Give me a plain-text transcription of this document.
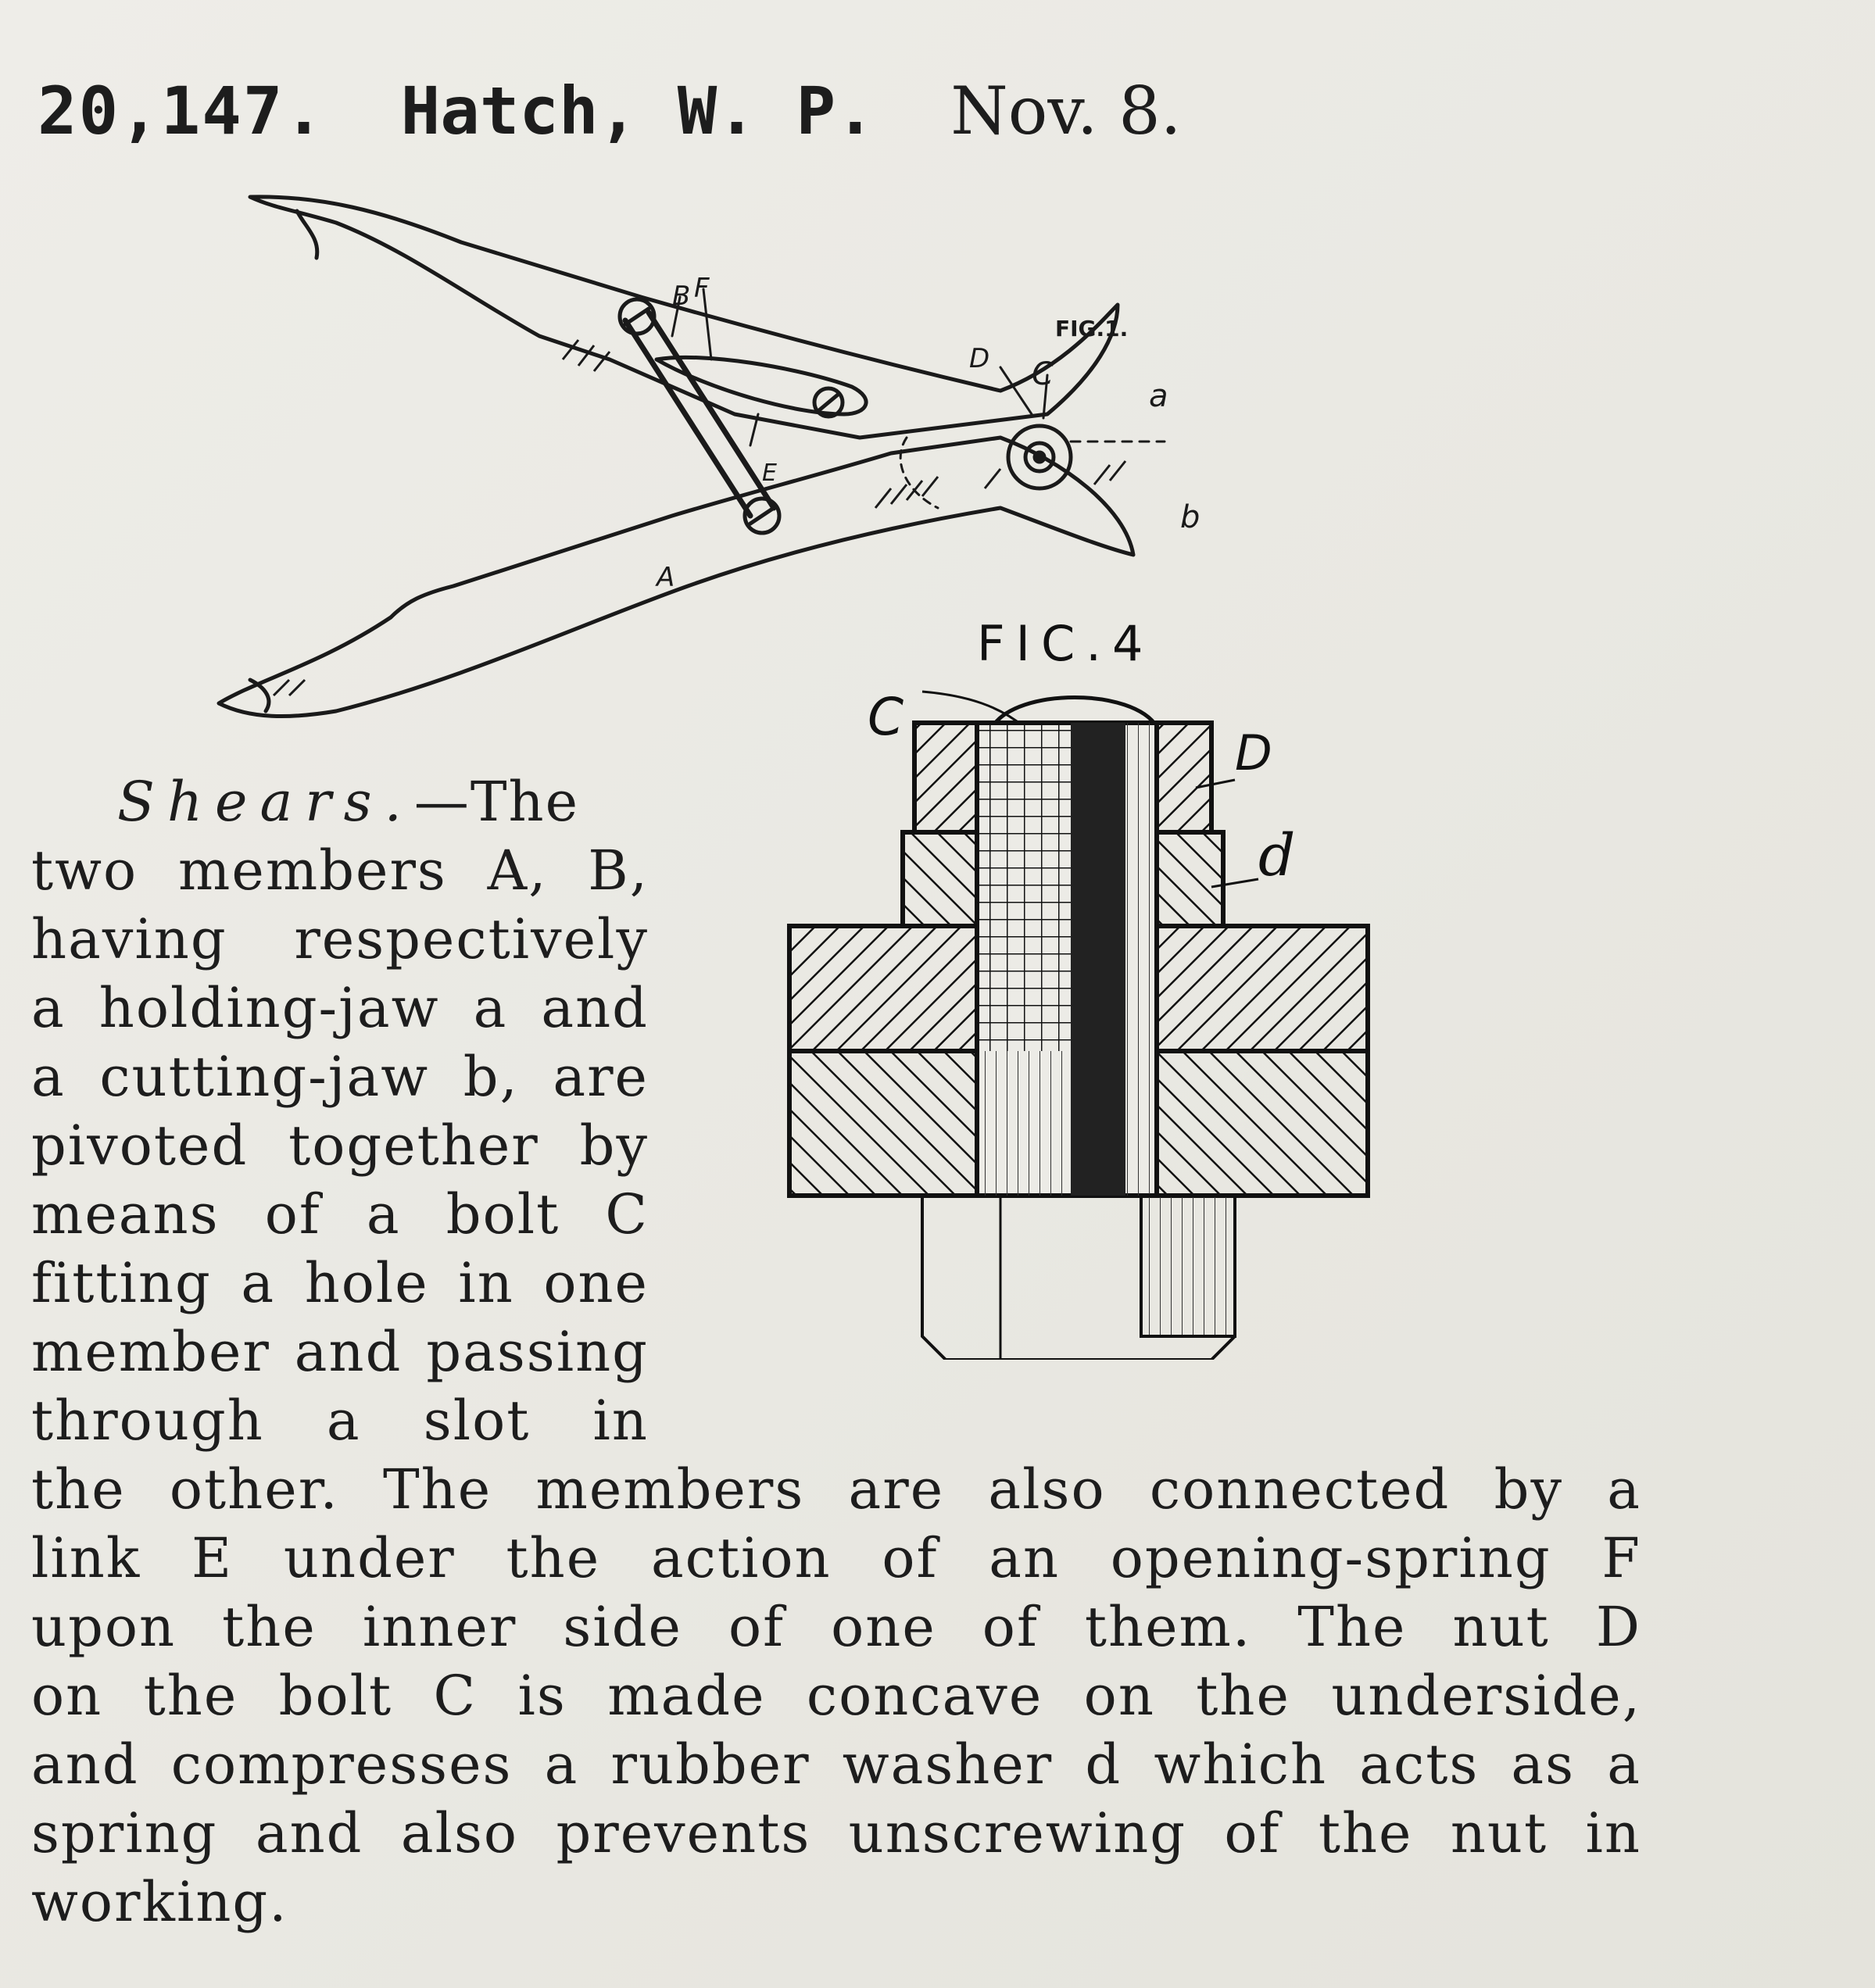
20,147. Hatch, W. P. Nov. 8.
B F
FIG.1.
D C
a
b
E
A
FIC.4
C
D
d
Shears.—The
two members A, B,
having respectively
a holding-jaw a and
a cutting-jaw b, are
pivoted together by
means of a bolt C
fitting a hole in one
member and passing
through a slot in
the other. The members are also connected by a
link E under the action of an opening-spring F
upon the inner side of one of them. The nut D
on the bolt C is made concave on the underside,
and compresses a rubber washer d which acts as a
spring and also prevents unscrewing of the nut in
working.
